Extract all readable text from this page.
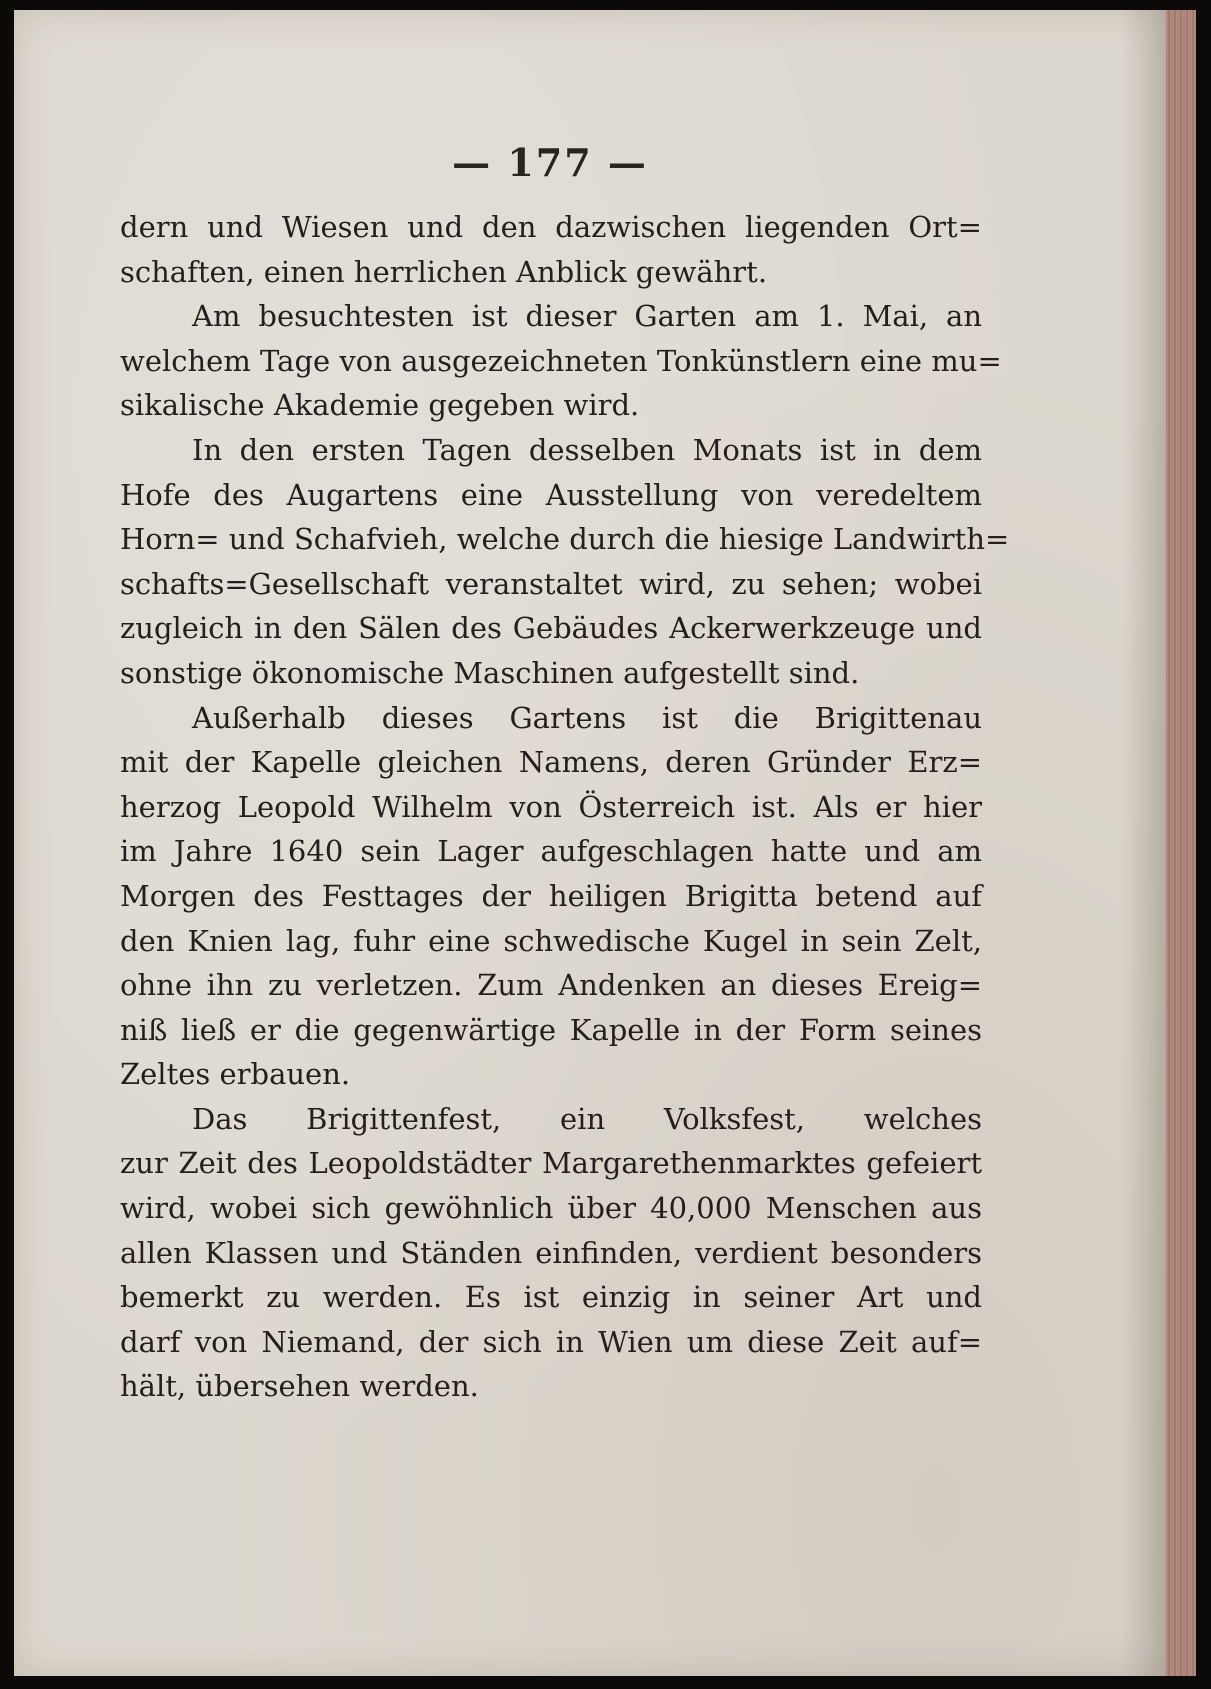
— 177 —
dern und Wiesen und den dazwischen liegenden Ort=
schaften, einen herrlichen Anblick gewährt.
Am besuchtesten ist dieser Garten am 1. Mai, an
welchem Tage von ausgezeichneten Tonkünstlern eine mu=
sikalische Akademie gegeben wird.
In den ersten Tagen desselben Monats ist in dem
Hofe des Augartens eine Ausstellung von veredeltem
Horn= und Schafvieh, welche durch die hiesige Landwirth=
schafts=Gesellschaft veranstaltet wird, zu sehen; wobei
zugleich in den Sälen des Gebäudes Ackerwerkzeuge und
sonstige ökonomische Maschinen aufgestellt sind.
Außerhalb dieses Gartens ist die Brigittenau
mit der Kapelle gleichen Namens, deren Gründer Erz=
herzog Leopold Wilhelm von Österreich ist. Als er hier
im Jahre 1640 sein Lager aufgeschlagen hatte und am
Morgen des Festtages der heiligen Brigitta betend auf
den Knien lag, fuhr eine schwedische Kugel in sein Zelt,
ohne ihn zu verletzen. Zum Andenken an dieses Ereig=
niß ließ er die gegenwärtige Kapelle in der Form seines
Zeltes erbauen.
Das Brigittenfest, ein Volksfest, welches
zur Zeit des Leopoldstädter Margarethenmarktes gefeiert
wird, wobei sich gewöhnlich über 40,000 Menschen aus
allen Klassen und Ständen einfinden, verdient besonders
bemerkt zu werden. Es ist einzig in seiner Art und
darf von Niemand, der sich in Wien um diese Zeit auf=
hält, übersehen werden.
